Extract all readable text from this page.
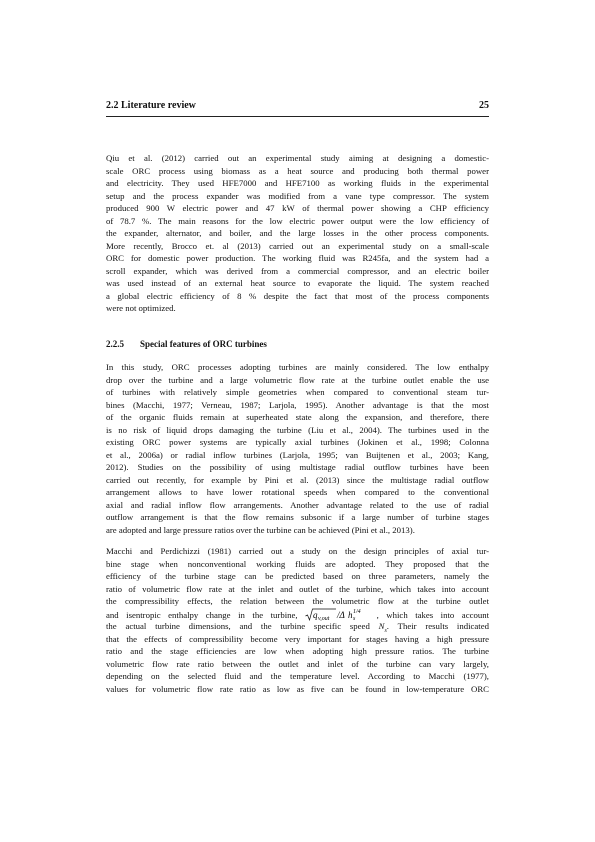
2.2 Literature review	25
Qiu et al. (2012) carried out an experimental study aiming at designing a domestic-
scale ORC process using biomass as a heat source and producing both thermal power
and electricity. They used HFE7000 and HFE7100 as working fluids in the experimental
setup and the process expander was modified from a vane type compressor. The system
produced 900 W electric power and 47 kW of thermal power showing a CHP efficiency
of 78.7 %. The main reasons for the low electric power output were the low efficiency of
the expander, alternator, and boiler, and the large losses in the other process components.
More recently, Brocco et. al (2013) carried out an experimental study on a small-scale
ORC for domestic power production. The working fluid was R245fa, and the system had a
scroll expander, which was derived from a commercial compressor, and an electric boiler
was used instead of an external heat source to evaporate the liquid. The system reached
a global electric efficiency of 8 % despite the fact that most of the process components
were not optimized.
2.2.5 Special features of ORC turbines
In this study, ORC processes adopting turbines are mainly considered. The low enthalpy
drop over the turbine and a large volumetric flow rate at the turbine outlet enable the use
of turbines with relatively simple geometries when compared to conventional steam tur-
bines (Macchi, 1977; Verneau, 1987; Larjola, 1995). Another advantage is that the most
of the organic fluids remain at superheated state along the expansion, and therefore, there
is no risk of liquid drops damaging the turbine (Liu et al., 2004). The turbines used in the
existing ORC power systems are typically axial turbines (Jokinen et al., 1998; Colonna
et al., 2006a) or radial inflow turbines (Larjola, 1995; van Buijtenen et al., 2003; Kang,
2012). Studies on the possibility of using multistage radial outflow turbines have been
carried out recently, for example by Pini et al. (2013) since the multistage radial outflow
arrangement allows to have lower rotational speeds when compared to the conventional
axial and radial inflow flow arrangements. Another advantage related to the use of radial
outflow arrangement is that the flow remains subsonic if a large number of turbine stages
are adopted and large pressure ratios over the turbine can be achieved (Pini et al., 2013).
Macchi and Perdichizzi (1981) carried out a study on the design principles of axial tur-
bine stage when nonconventional working fluids are adopted. They proposed that the
efficiency of the turbine stage can be predicted based on three parameters, namely the
ratio of volumetric flow rate at the inlet and outlet of the turbine, which takes into account
the compressibility effects, the relation between the volumetric flow at the turbine outlet
and isentropic enthalpy change in the turbine, q v,out /Δ h s
1/4 , which takes into account
the actual turbine dimensions, and the turbine specific speed $N_s$. Their results indicated
that the effects of compressibility become very important for stages having a high pressure
ratio and the stage efficiencies are low when adopting high pressure ratios. The turbine
volumetric flow rate ratio between the outlet and inlet of the turbine can vary largely,
depending on the selected fluid and the temperature level. According to Macchi (1977),
values for volumetric flow rate ratio as low as five can be found in low-temperature ORC
